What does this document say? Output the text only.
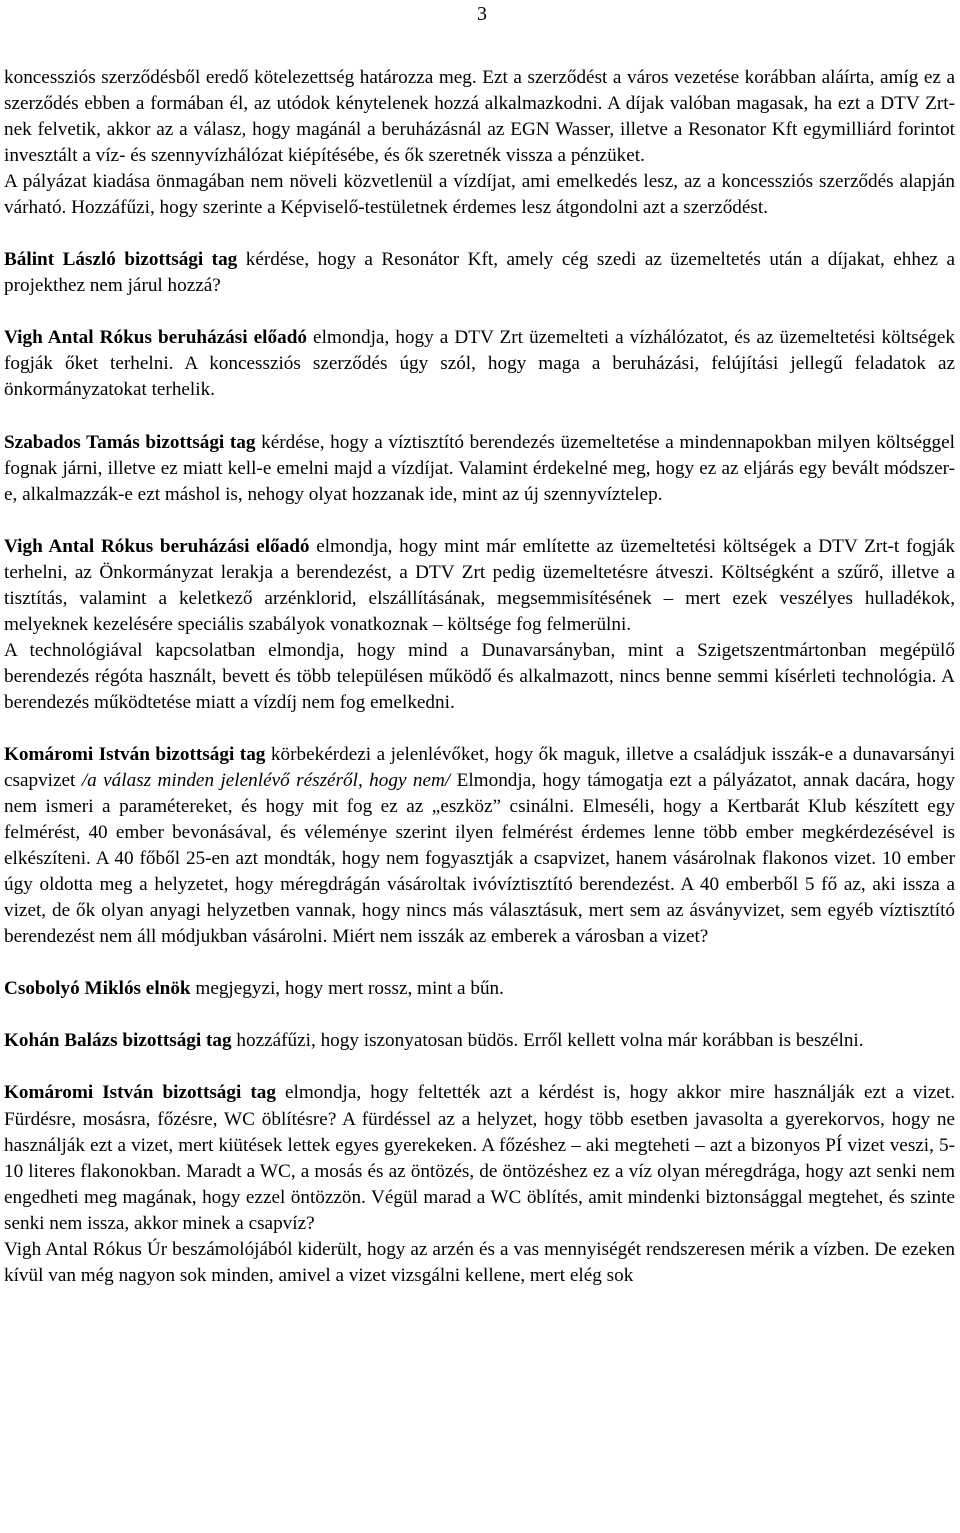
3

koncessziós szerződésből eredő kötelezettség határozza meg. Ezt a szerződést a város vezetése korábban aláírta, amíg ez a szerződés ebben a formában él, az utódok kénytelenek hozzá alkalmazkodni. A díjak valóban magasak, ha ezt a DTV Zrt-nek felvetik, akkor az a válasz, hogy magánál a beruházásnál az EGN Wasser, illetve a Resonator Kft egymilliárd forintot invesztált a víz- és szennyvízhálózat kiépítésébe, és ők szeretnék vissza a pénzüket.

A pályázat kiadása önmagában nem növeli közvetlenül a vízdíjat, ami emelkedés lesz, az a koncessziós szerződés alapján várható. Hozzáfűzi, hogy szerinte a Képviselő-testületnek érdemes lesz átgondolni azt a szerződést.

Bálint László bizottsági tag kérdése, hogy a Resonátor Kft, amely cég szedi az üzemeltetés után a díjakat, ehhez a projekthez nem járul hozzá?

Vigh Antal Rókus beruházási előadó elmondja, hogy a DTV Zrt üzemelteti a vízhálózatot, és az üzemeltetési költségek fogják őket terhelni. A koncessziós szerződés úgy szól, hogy maga a beruházási, felújítási jellegű feladatok az önkormányzatokat terhelik.

Szabados Tamás bizottsági tag kérdése, hogy a víztisztító berendezés üzemeltetése a mindennapokban milyen költséggel fognak járni, illetve ez miatt kell-e emelni majd a vízdíjat. Valamint érdekelné meg, hogy ez az eljárás egy bevált módszer-e, alkalmazzák-e ezt máshol is, nehogy olyat hozzanak ide, mint az új szennyvíztelep.

Vigh Antal Rókus beruházási előadó elmondja, hogy mint már említette az üzemeltetési költségek a DTV Zrt-t fogják terhelni, az Önkormányzat lerakja a berendezést, a DTV Zrt pedig üzemeltetésre átveszi. Költségként a szűrő, illetve a tisztítás, valamint a keletkező arzénklorid, elszállításának, megsemmisítésének – mert ezek veszélyes hulladékok, melyeknek kezelésére speciális szabályok vonatkoznak – költsége fog felmerülni.

A technológiával kapcsolatban elmondja, hogy mind a Dunavarsányban, mint a Szigetszentmártonban megépülő berendezés régóta használt, bevett és több településen működő és alkalmazott, nincs benne semmi kísérleti technológia. A berendezés működtetése miatt a vízdíj nem fog emelkedni.

Komáromi István bizottsági tag körbekérdezi a jelenlévőket, hogy ők maguk, illetve a családjuk isszák-e a dunavarsányi csapvizet /a válasz minden jelenlévő részéről, hogy nem/ Elmondja, hogy támogatja ezt a pályázatot, annak dacára, hogy nem ismeri a paramétereket, és hogy mit fog ez az „eszköz” csinálni. Elmeséli, hogy a Kertbarát Klub készített egy felmérést, 40 ember bevonásával, és véleménye szerint ilyen felmérést érdemes lenne több ember megkérdezésével is elkészíteni. A 40 főből 25-en azt mondták, hogy nem fogyasztják a csapvizet, hanem vásárolnak flakonos vizet. 10 ember úgy oldotta meg a helyzetet, hogy méregdrágán vásároltak ivóvíztisztító berendezést. A 40 emberből 5 fő az, aki issza a vizet, de ők olyan anyagi helyzetben vannak, hogy nincs más választásuk, mert sem az ásványvizet, sem egyéb víztisztító berendezést nem áll módjukban vásárolni. Miért nem isszák az emberek a városban a vizet?

Csobolyó Miklós elnök megjegyzi, hogy mert rossz, mint a bűn.

Kohán Balázs bizottsági tag hozzáfűzi, hogy iszonyatosan büdös. Erről kellett volna már korábban is beszélni.

Komáromi István bizottsági tag elmondja, hogy feltették azt a kérdést is, hogy akkor mire használják ezt a vizet. Fürdésre, mosásra, főzésre, WC öblítésre? A fürdéssel az a helyzet, hogy több esetben javasolta a gyerekorvos, hogy ne használják ezt a vizet, mert kiütések lettek egyes gyerekeken. A főzéshez – aki megteheti – azt a bizonyos PÍ vizet veszi, 5-10 literes flakonokban. Maradt a WC, a mosás és az öntözés, de öntözéshez ez a víz olyan méregdrága, hogy azt senki nem engedheti meg magának, hogy ezzel öntözzön. Végül marad a WC öblítés, amit mindenki biztonsággal megtehet, és szinte senki nem issza, akkor minek a csapvíz?

Vigh Antal Rókus Úr beszámolójából kiderült, hogy az arzén és a vas mennyiségét rendszeresen mérik a vízben. De ezeken kívül van még nagyon sok minden, amivel a vizet vizsgálni kellene, mert elég sok
